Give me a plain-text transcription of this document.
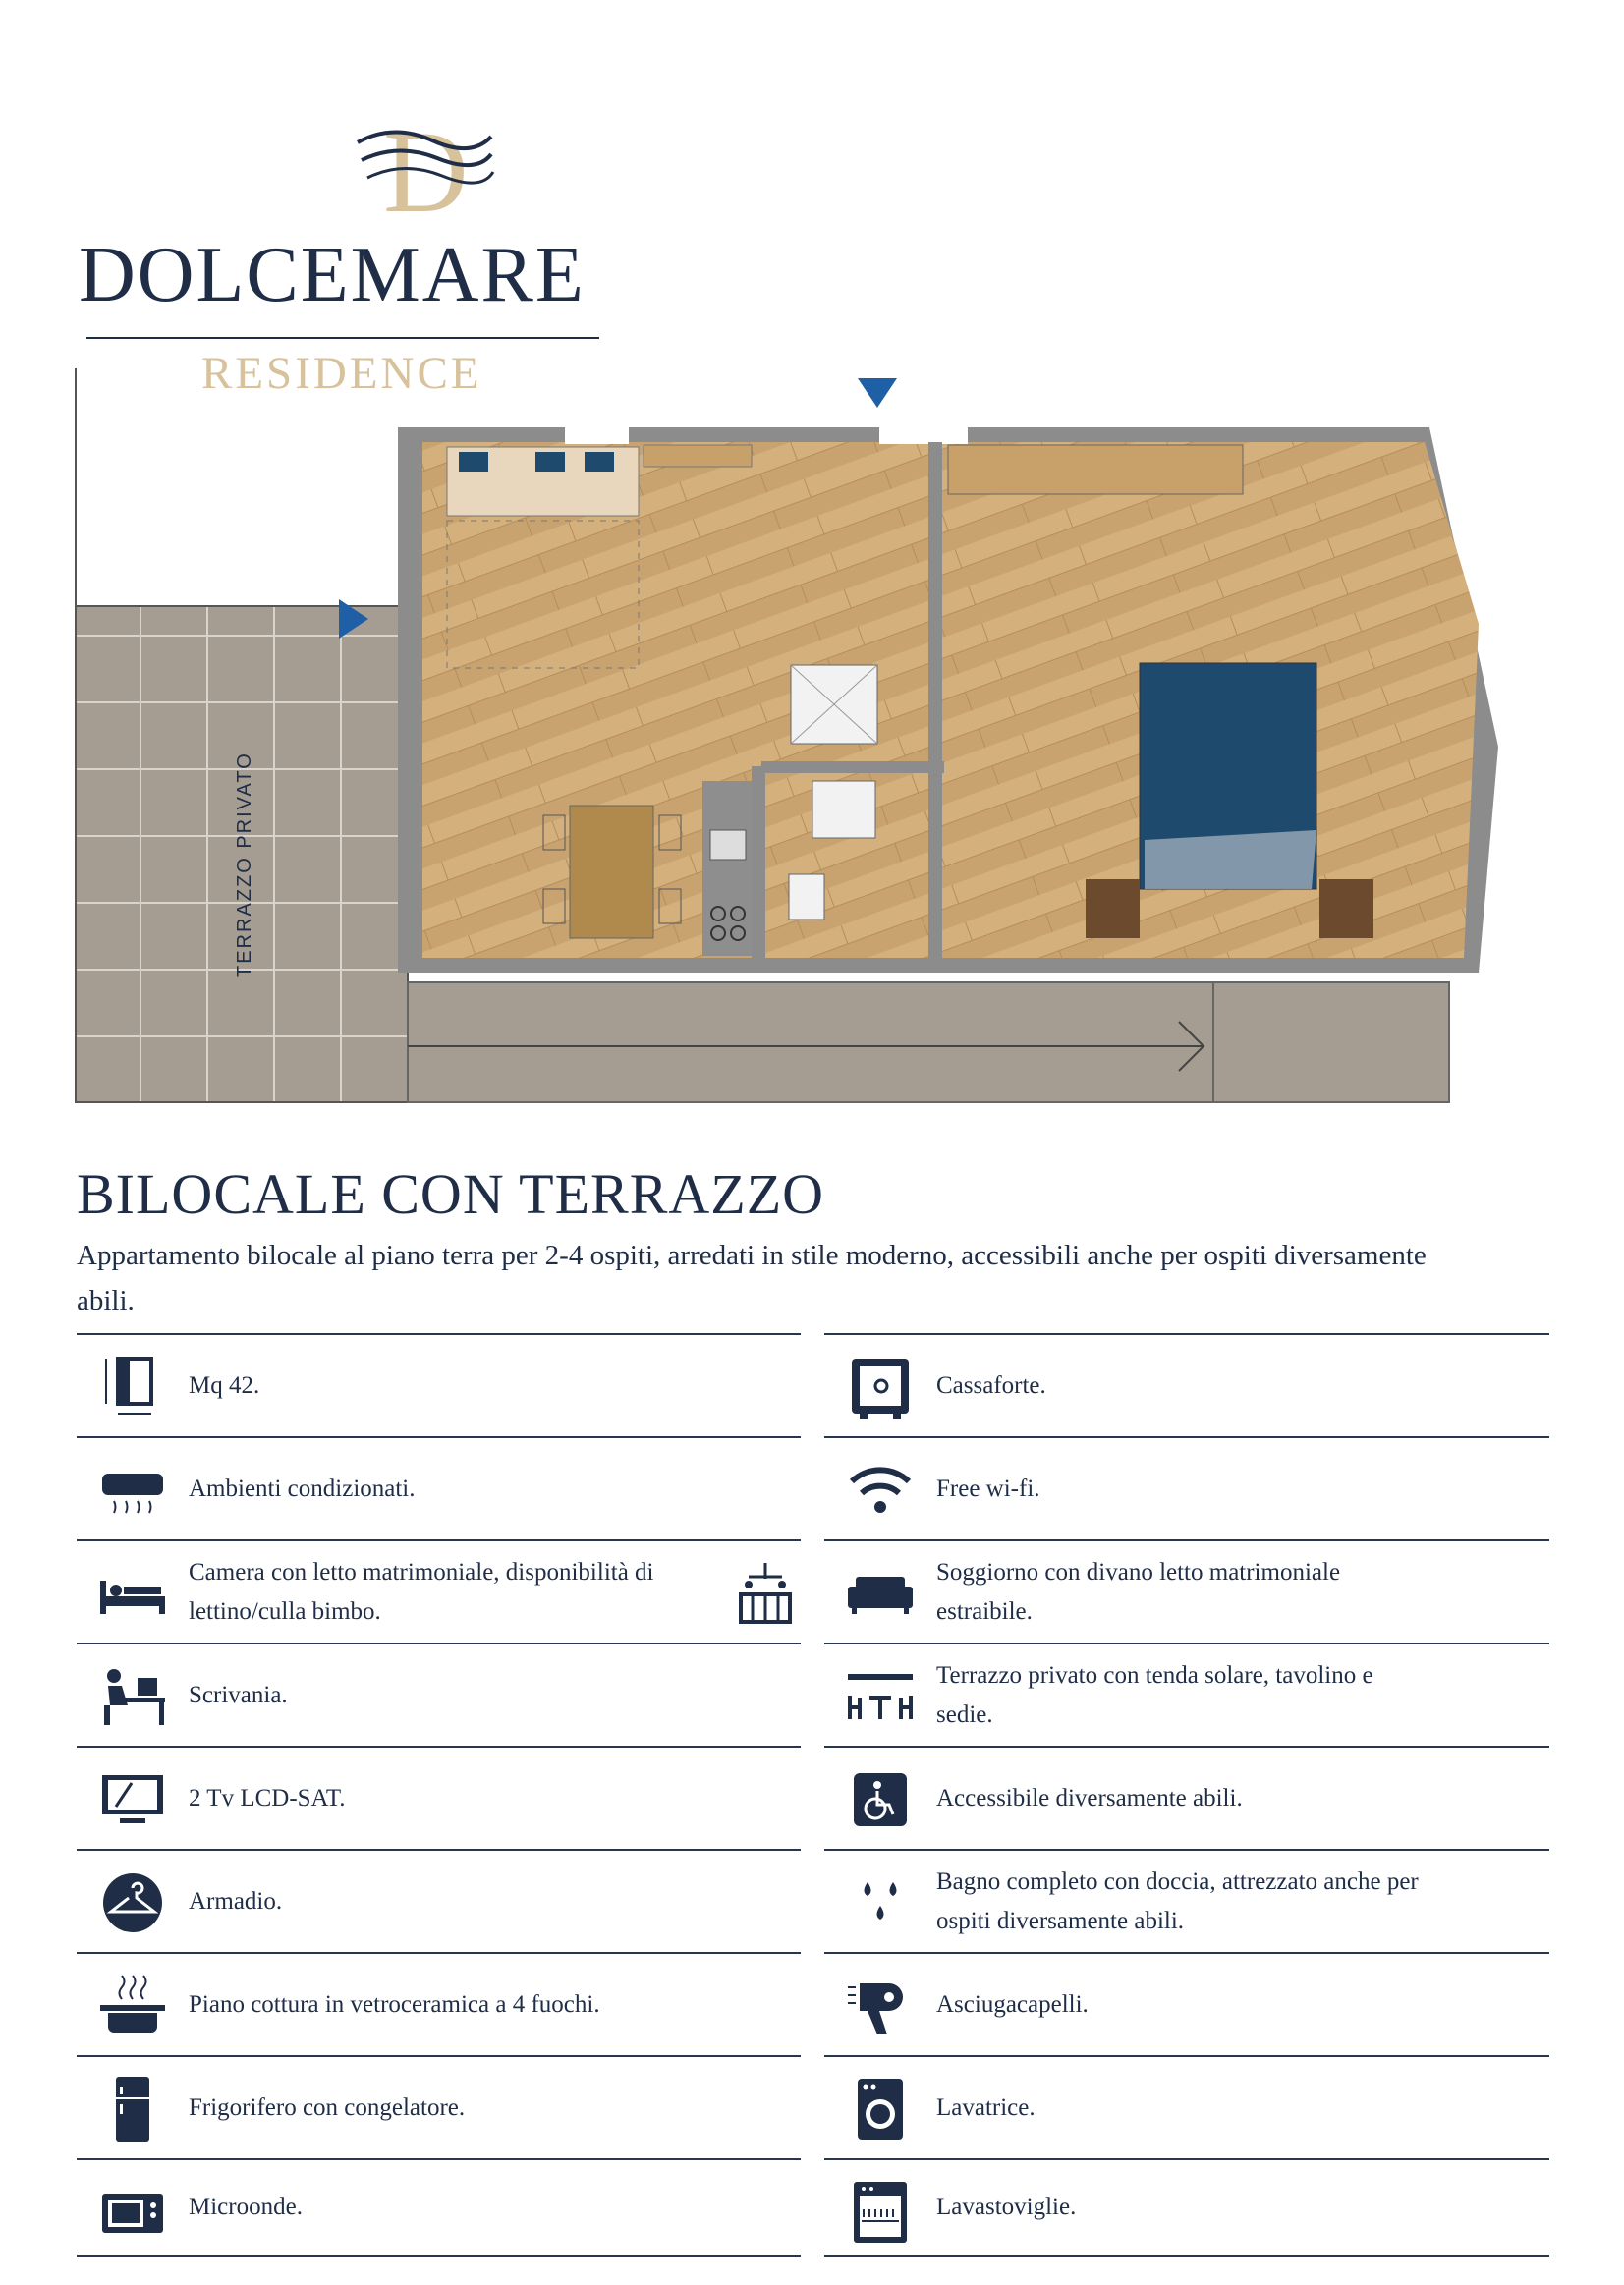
D
DOLCEMARE
RESIDENCE
TERRAZZO PRIVATO
BILOCALE CON TERRAZZO
Appartamento bilocale al piano terra per 2-4 ospiti, arredati in stile moderno, accessibili anche per ospiti diversamente abili.
Mq 42.
Ambienti condizionati.
Camera con letto matrimoniale, disponibilità di lettino/culla bimbo.
Scrivania.
2 Tv LCD-SAT.
Armadio.
Piano cottura in vetroceramica a 4 fuochi.
Frigorifero con congelatore.
Microonde.
Cassaforte.
Free wi-fi.
Soggiorno con divano letto matrimoniale estraibile.
Terrazzo privato con tenda solare, tavolino e sedie.
Accessibile diversamente abili.
Bagno completo con doccia, attrezzato anche per ospiti diversamente abili.
Asciugacapelli.
Lavatrice.
Lavastoviglie.
